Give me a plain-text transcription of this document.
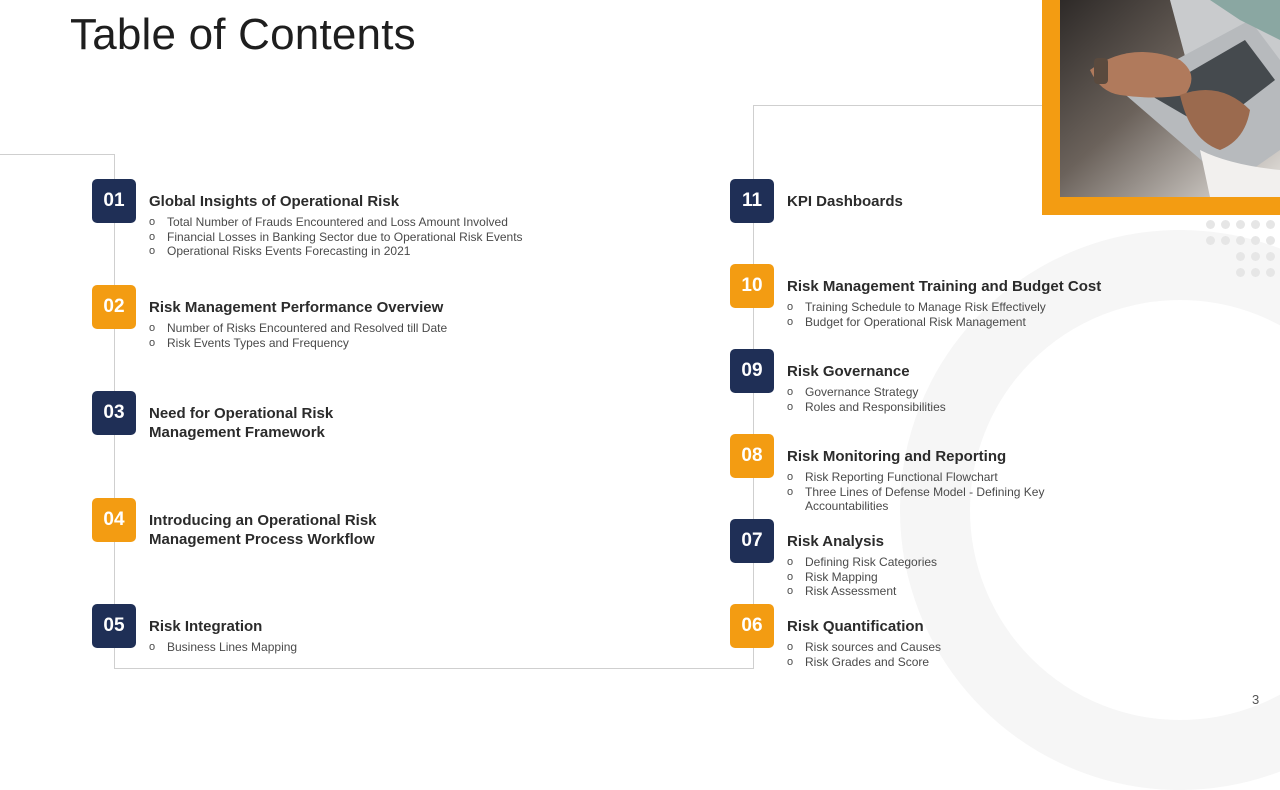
Table of Contents
01	Global Insights of Operational Risk
o Total Number of Frauds Encountered and Loss Amount Involved
o Financial Losses in Banking Sector due to Operational Risk Events
o Operational Risks Events Forecasting in 2021
02	Risk Management Performance Overview
o Number of Risks Encountered and Resolved till Date
o Risk Events Types and Frequency
03	Need for Operational Risk
Management Framework
04	Introducing an Operational Risk
Management Process Workflow
05	Risk Integration
o Business Lines Mapping
11	KPI Dashboards
10	Risk Management Training and Budget Cost
o Training Schedule to Manage Risk Effectively
o Budget for Operational Risk Management
09	Risk Governance
o Governance Strategy
o Roles and Responsibilities
08	Risk Monitoring and Reporting
o Risk Reporting Functional Flowchart
o Three Lines of Defense Model - Defining Key
Accountabilities
07	Risk Analysis
o Defining Risk Categories
o Risk Mapping
o Risk Assessment
06	Risk Quantification
o Risk sources and Causes
o Risk Grades and Score
3
